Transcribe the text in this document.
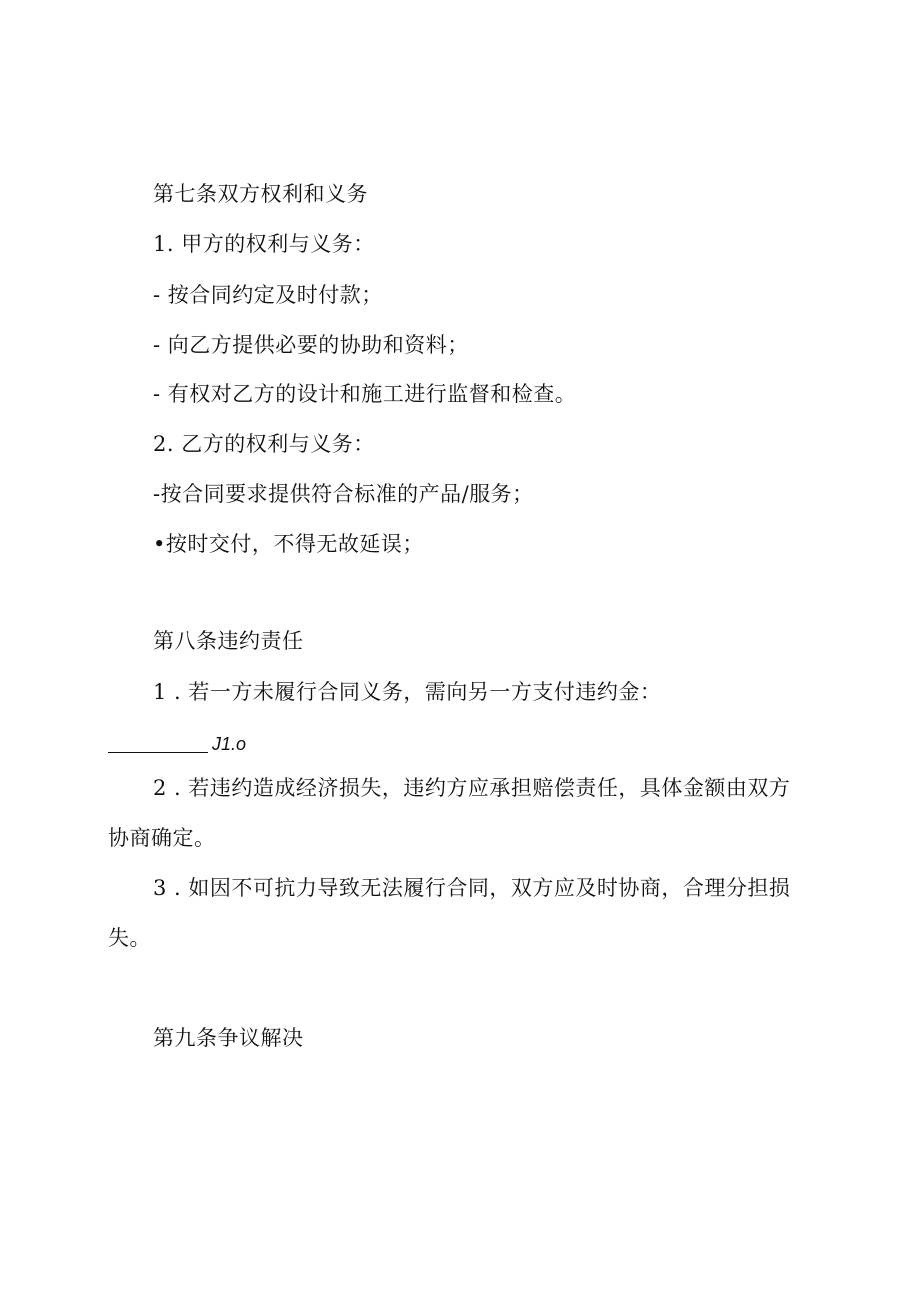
第七条双方权利和义务
1. 甲方的权利与义务：
- 按合同约定及时付款；
- 向乙方提供必要的协助和资料；
- 有权对乙方的设计和施工进行监督和检查。
2. 乙方的权利与义务：
-按合同要求提供符合标准的产品/服务；
•按时交付，不得无故延误；
第八条违约责任
1 . 若一方未履行合同义务，需向另一方支付违约金：
J1.o
2 . 若违约造成经济损失，违约方应承担赔偿责任，具体金额由双方
协商确定。
3 . 如因不可抗力导致无法履行合同，双方应及时协商，合理分担损
失。
第九条争议解决
